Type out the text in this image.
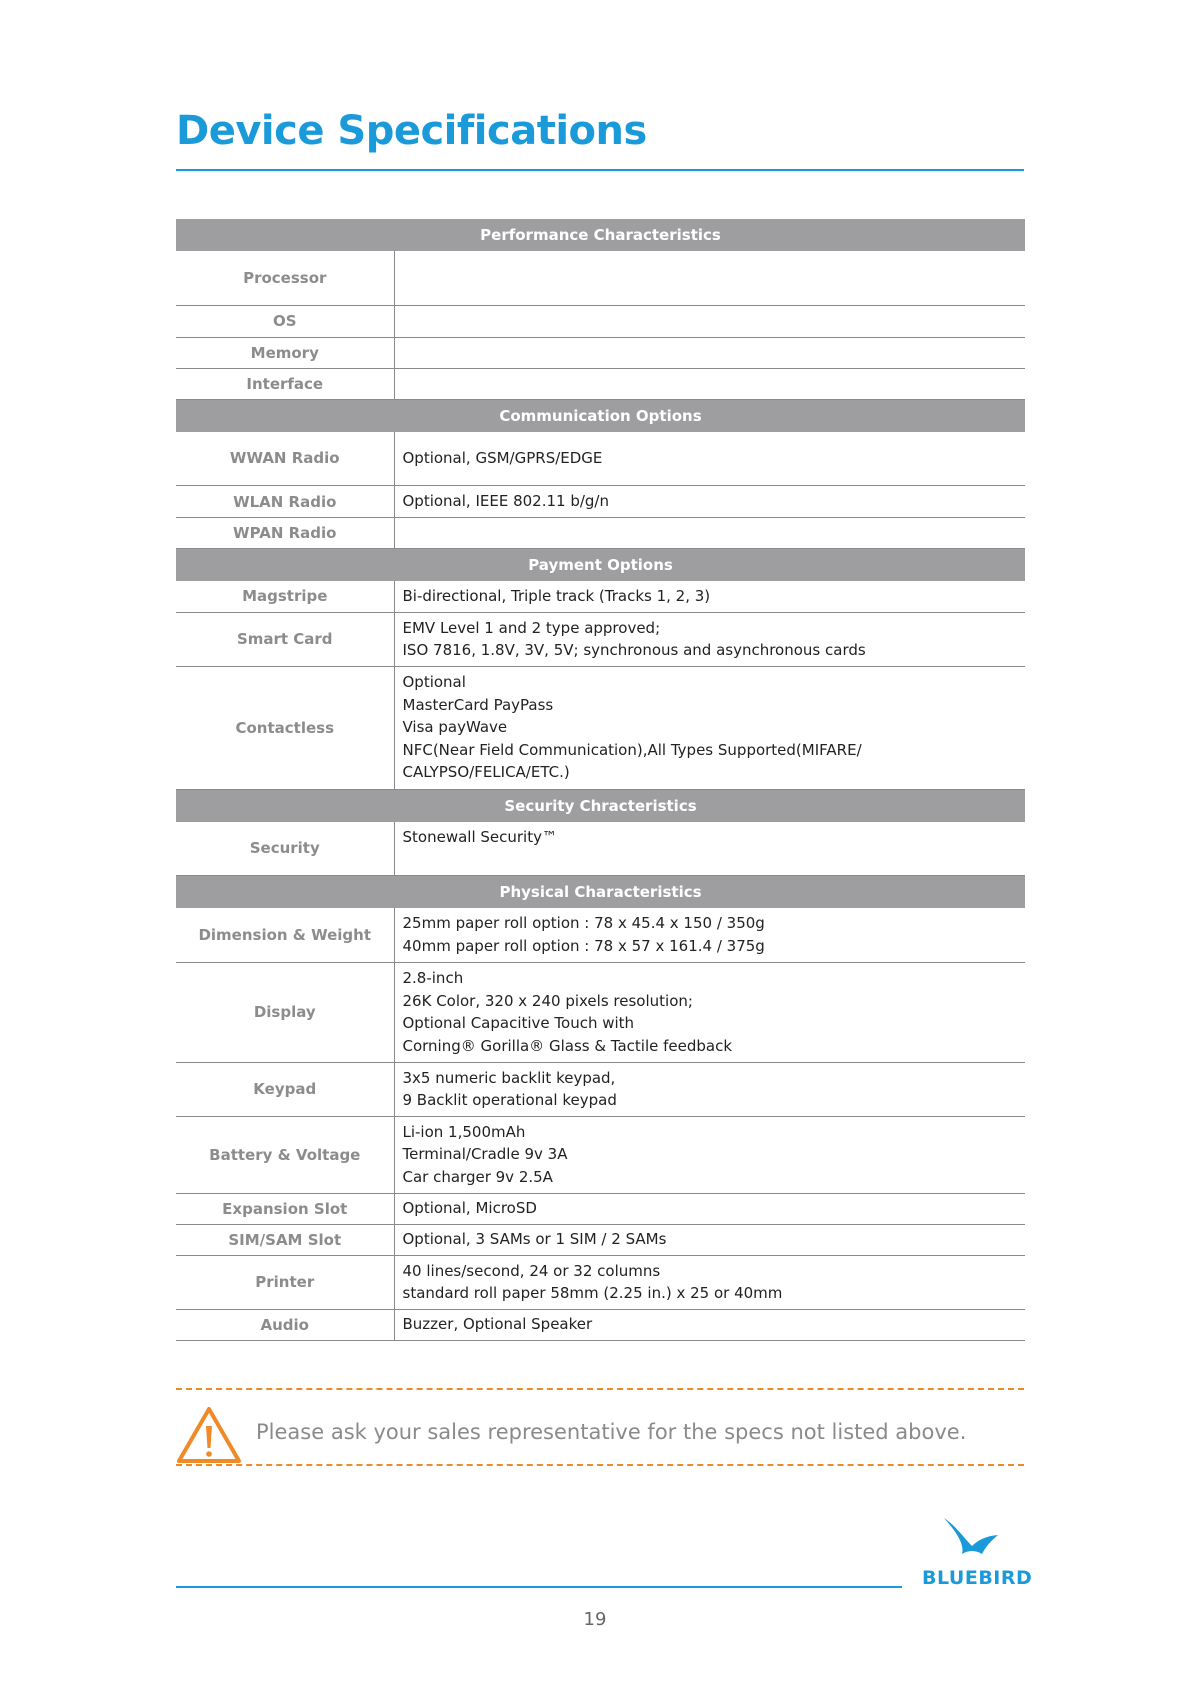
Device Specifications
Performance Characteristics	
Processor	
OS	
Memory	
Interface	
Communication Options	
WWAN Radio	Optional, GSM/GPRS/EDGE

WLAN Radio	Optional, IEEE 802.11 b/g/n

WPAN Radio	
Payment Options	
Magstripe	Bi-directional, Triple track (Tracks 1, 2, 3)

Smart Card	EMV Level 1 and 2 type approved;
ISO 7816, 1.8V, 3V, 5V; synchronous and asynchronous cards

Contactless	Optional
MasterCard PayPass
Visa payWave
NFC(Near Field Communication),All Types Supported(MIFARE/
CALYPSO/FELICA/ETC.)

Security Chracteristics	
Security	Stonewall Security™

Physical Characteristics	
Dimension & Weight	25mm paper roll option : 78 x 45.4 x 150 / 350g
40mm paper roll option : 78 x 57 x 161.4 / 375g

Display	2.8-inch
26K Color, 320 x 240 pixels resolution;
Optional Capacitive Touch with
Corning® Gorilla® Glass & Tactile feedback

Keypad	3x5 numeric backlit keypad,
9 Backlit operational keypad

Battery & Voltage	Li-ion 1,500mAh
Terminal/Cradle 9v 3A
Car charger 9v 2.5A

Expansion Slot	Optional, MicroSD

SIM/SAM Slot	Optional, 3 SAMs or 1 SIM / 2 SAMs

Printer	40 lines/second, 24 or 32 columns
standard roll paper 58mm (2.25 in.) x 25 or 40mm

Audio	Buzzer, Optional Speaker
Please ask your sales representative for the specs not listed above.
BLUEBIRD
19
